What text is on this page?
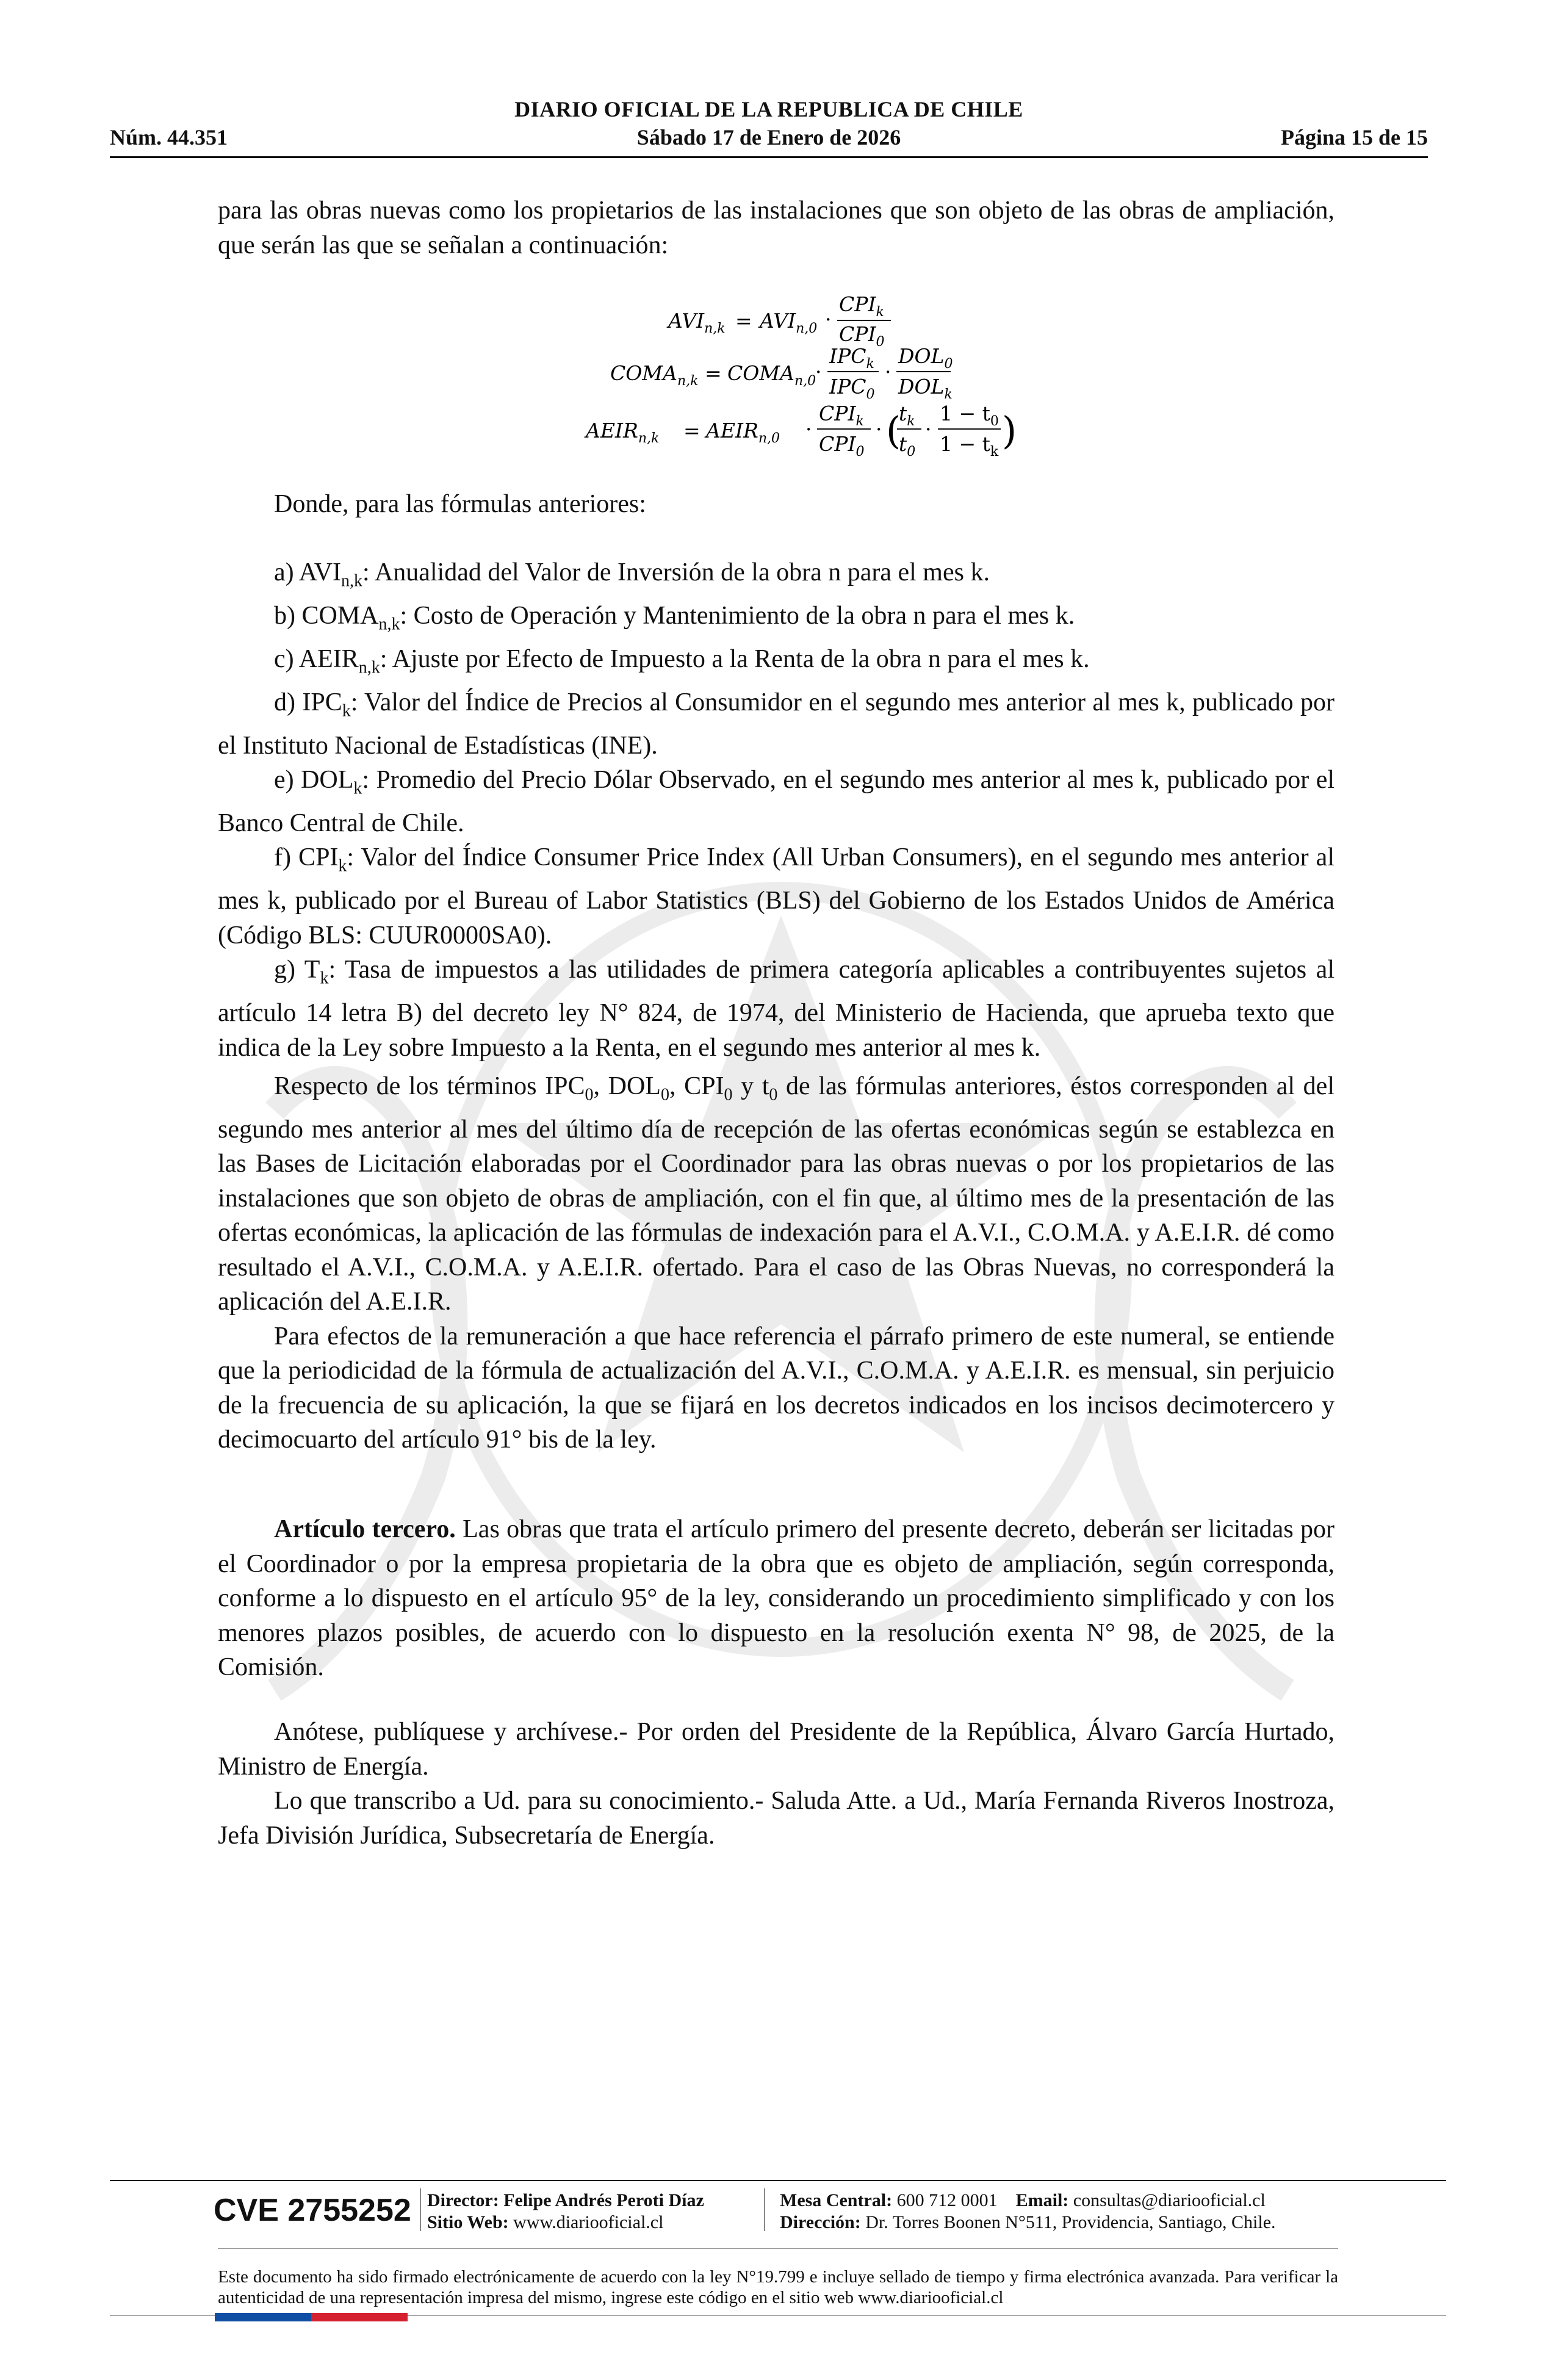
DIARIO OFICIAL DE LA REPUBLICA DE CHILE
Núm. 44.351	Sábado 17 de Enero de 2026	Página 15 de 15

para las obras nuevas como los propietarios de las instalaciones que son objeto de las obras de ampliación, que serán las que se señalan a continuación:

$AVI_{n,k} = AVI_{n,0}$ ·
$CPI_k$
$CPI_0$
$COMA_{n,k}$ = $COMA_{n,0}$
·
$IPC_k$
$IPC_0$
·
$DOL_0$
$DOL_k$
$AEIR_{n,k}$ = $AEIR_{n,0}$ ·
$CPI_k$
$CPI_0$
· (
$t_k$
$t_0$
·
$1 - t_0$
$1 - t_k$ )

Donde, para las fórmulas anteriores:

a) $AVI_{n,k}$: Anualidad del Valor de Inversión de la obra n para el mes k.

b) $COMA_{n,k}$: Costo de Operación y Mantenimiento de la obra n para el mes k.

c) $AEIR_{n,k}$: Ajuste por Efecto de Impuesto a la Renta de la obra n para el mes k.

d) $IPC_k$: Valor del Índice de Precios al Consumidor en el segundo mes anterior al mes k, publicado por el Instituto Nacional de Estadísticas (INE).

e) $DOL_k$: Promedio del Precio Dólar Observado, en el segundo mes anterior al mes k, publicado por el Banco Central de Chile.

f) $CPI_k$: Valor del Índice Consumer Price Index (All Urban Consumers), en el segundo mes anterior al mes k, publicado por el Bureau of Labor Statistics (BLS) del Gobierno de los Estados Unidos de América (Código BLS: CUUR0000SA0).

g) $T_k$: Tasa de impuestos a las utilidades de primera categoría aplicables a contribuyentes sujetos al artículo 14 letra B) del decreto ley N° 824, de 1974, del Ministerio de Hacienda, que aprueba texto que indica de la Ley sobre Impuesto a la Renta, en el segundo mes anterior al mes k.

Respecto de los términos $IPC_0$, $DOL_0$, $CPI_0$ y $t_0$ de las fórmulas anteriores, éstos corresponden al del segundo mes anterior al mes del último día de recepción de las ofertas económicas según se establezca en las Bases de Licitación elaboradas por el Coordinador para las obras nuevas o por los propietarios de las instalaciones que son objeto de obras de ampliación, con el fin que, al último mes de la presentación de las ofertas económicas, la aplicación de las fórmulas de indexación para el A.V.I., C.O.M.A. y A.E.I.R. dé como resultado el A.V.I., C.O.M.A. y A.E.I.R. ofertado. Para el caso de las Obras Nuevas, no corresponderá la aplicación del A.E.I.R.

Para efectos de la remuneración a que hace referencia el párrafo primero de este numeral, se entiende que la periodicidad de la fórmula de actualización del A.V.I., C.O.M.A. y A.E.I.R. es mensual, sin perjuicio de la frecuencia de su aplicación, la que se fijará en los decretos indicados en los incisos decimotercero y decimocuarto del artículo 91° bis de la ley.

Artículo tercero. Las obras que trata el artículo primero del presente decreto, deberán ser licitadas por el Coordinador o por la empresa propietaria de la obra que es objeto de ampliación, según corresponda, conforme a lo dispuesto en el artículo 95° de la ley, considerando un procedimiento simplificado y con los menores plazos posibles, de acuerdo con lo dispuesto en la resolución exenta N° 98, de 2025, de la Comisión.

Anótese, publíquese y archívese.- Por orden del Presidente de la República, Álvaro García Hurtado, Ministro de Energía.

Lo que transcribo a Ud. para su conocimiento.- Saluda Atte. a Ud., María Fernanda Riveros Inostroza, Jefa División Jurídica, Subsecretaría de Energía.

CVE 2755252 Director: Felipe Andrés Peroti Díaz
Sitio Web: www.diariooficial.cl
Mesa Central: 600 712 0001 Email: consultas@diariooficial.cl
Dirección: Dr. Torres Boonen N°511, Providencia, Santiago, Chile.
Este documento ha sido firmado electrónicamente de acuerdo con la ley N°19.799 e incluye sellado de tiempo y firma electrónica avanzada. Para verificar la autenticidad de una representación impresa del mismo, ingrese este código en el sitio web www.diariooficial.cl
